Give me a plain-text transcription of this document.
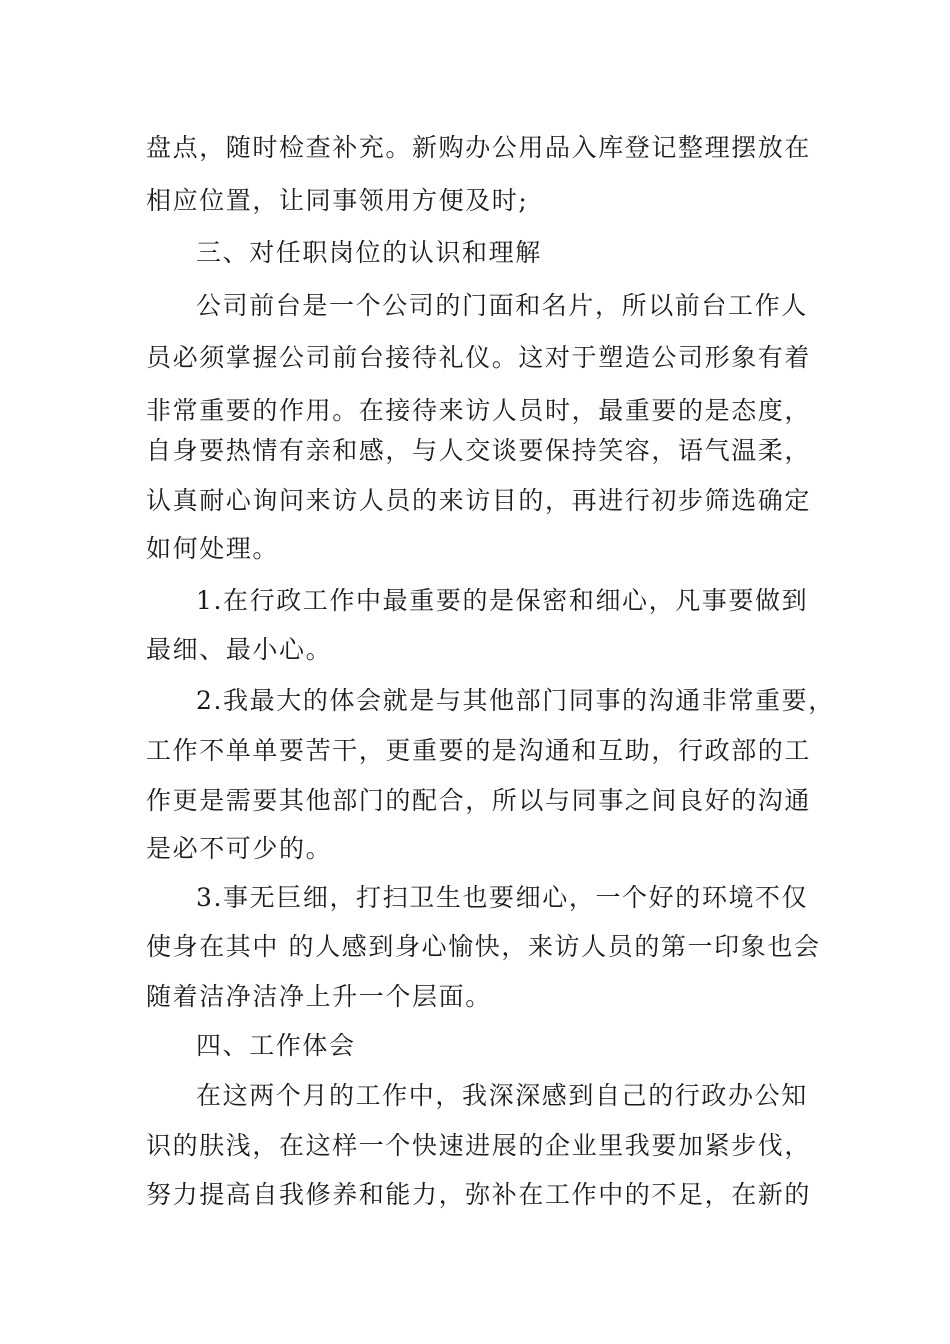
盘点，随时检查补充。新购办公用品入库登记整理摆放在
相应位置，让同事领用方便及时;
三、对任职岗位的认识和理解
公司前台是一个公司的门面和名片，所以前台工作人
员必须掌握公司前台接待礼仪。这对于塑造公司形象有着
非常重要的作用。在接待来访人员时，最重要的是态度，
自身要热情有亲和感，与人交谈要保持笑容，语气温柔，
认真耐心询问来访人员的来访目的，再进行初步筛选确定
如何处理。
1.在行政工作中最重要的是保密和细心，凡事要做到
最细、最小心。
2.我最大的体会就是与其他部门同事的沟通非常重要，
工作不单单要苦干，更重要的是沟通和互助，行政部的工
作更是需要其他部门的配合，所以与同事之间良好的沟通
是必不可少的。
3.事无巨细，打扫卫生也要细心，一个好的环境不仅
使身在其中 的人感到身心愉快，来访人员的第一印象也会
随着洁净洁净上升一个层面。
四、工作体会
在这两个月的工作中，我深深感到自己的行政办公知
识的肤浅，在这样一个快速进展的企业里我要加紧步伐，
努力提高自我修养和能力，弥补在工作中的不足，在新的
